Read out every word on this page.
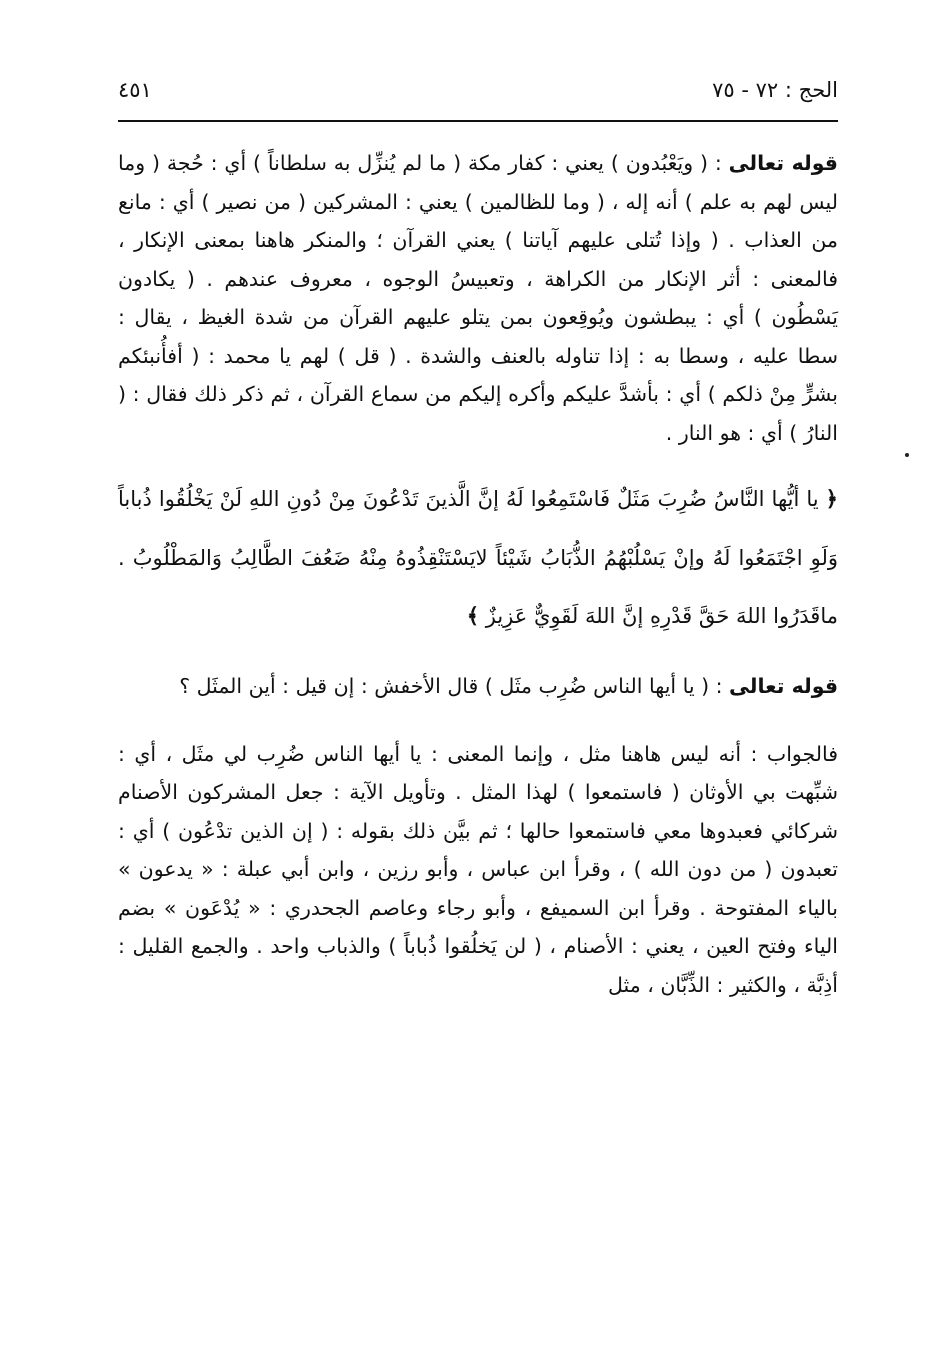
الحج : ٧٢ - ٧٥
٤٥١

قوله تعالى : ( ويَعْبُدون ) يعني : كفار مكة ( ما لم يُنزِّل به سلطاناً ) أي : حُجة ( وما ليس لهم به علم ) أنه إله ، ( وما للظالمين ) يعني : المشركين ( من نصير ) أي : مانع من العذاب . ( وإذا تُتلى عليهم آياتنا ) يعني القرآن ؛ والمنكر هاهنا بمعنى الإنكار ، فالمعنى : أثر الإنكار من الكراهة ، وتعبيسُ الوجوه ، معروف عندهم . ( يكادون يَسْطُون ) أي : يبطشون ويُوقِعون بمن يتلو عليهم القرآن من شدة الغيظ ، يقال : سطا عليه ، وسطا به : إذا تناوله بالعنف والشدة . ( قل ) لهم يا محمد : ( أفأُنبئكم بشرٍّ مِنْ ذلكم ) أي : بأشدَّ عليكم وأكره إليكم من سماع القرآن ، ثم ذكر ذلك فقال : ( النارُ ) أي : هو النار .

﴿ يا أيُّها النَّاسُ ضُرِبَ مَثَلٌ فَاسْتَمِعُوا لَهُ إنَّ الَّذينَ تَدْعُونَ مِنْ دُونِ اللهِ لَنْ يَخْلُقُوا ذُباباً وَلَوِ اجْتَمَعُوا لَهُ وإنْ يَسْلُبْهُمُ الذُّبَابُ شَيْئاً لايَسْتَنْقِذُوهُ مِنْهُ ضَعُفَ الطَّالِبُ وَالمَطْلُوبُ . ماقَدَرُوا اللهَ حَقَّ قَدْرِهِ إنَّ اللهَ لَقَوِيٌّ عَزِيزٌ ﴾

قوله تعالى : ( يا أيها الناس ضُرِب مثَل ) قال الأخفش : إن قيل : أين المثَل ؟

فالجواب : أنه ليس هاهنا مثل ، وإنما المعنى : يا أيها الناس ضُرِب لي مثَل ، أي : شبِّهت بي الأوثان ( فاستمعوا ) لهذا المثل . وتأويل الآية : جعل المشركون الأصنام شركائي فعبدوها معي فاستمعوا حالها ؛ ثم بيَّن ذلك بقوله : ( إن الذين تدْعُون ) أي : تعبدون ( من دون الله ) ، وقرأ ابن عباس ، وأبو رزين ، وابن أبي عبلة : « يدعون » بالياء المفتوحة . وقرأ ابن السميفع ، وأبو رجاء وعاصم الجحدري : « يُدْعَون » بضم الياء وفتح العين ، يعني : الأصنام ، ( لن يَخلُقوا ذُباباً ) والذباب واحد . والجمع القليل : أذِبَّة ، والكثير : الذِّبَّان ، مثل
